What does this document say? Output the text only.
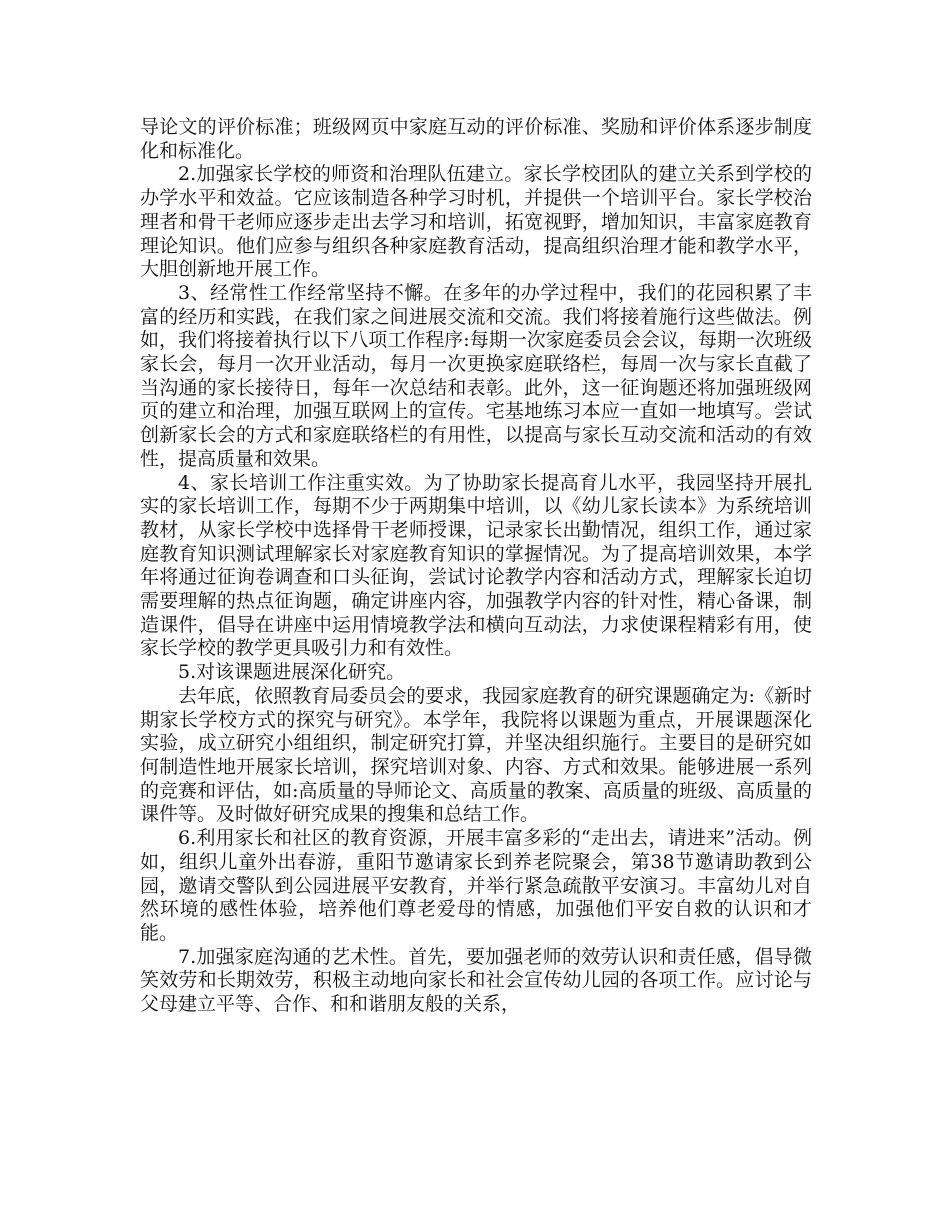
导论文的评价标准；班级网页中家庭互动的评价标准、奖励和评价体系逐步制度化和标准化。

2.加强家长学校的师资和治理队伍建立。家长学校团队的建立关系到学校的办学水平和效益。它应该制造各种学习时机，并提供一个培训平台。家长学校治理者和骨干老师应逐步走出去学习和培训，拓宽视野，增加知识，丰富家庭教育理论知识。他们应参与组织各种家庭教育活动，提高组织治理才能和教学水平，大胆创新地开展工作。

3、经常性工作经常坚持不懈。在多年的办学过程中，我们的花园积累了丰富的经历和实践，在我们家之间进展交流和交流。我们将接着施行这些做法。例如，我们将接着执行以下八项工作程序:每期一次家庭委员会会议，每期一次班级家长会，每月一次开业活动，每月一次更换家庭联络栏，每周一次与家长直截了当沟通的家长接待日，每年一次总结和表彰。此外，这一征询题还将加强班级网页的建立和治理，加强互联网上的宣传。宅基地练习本应一直如一地填写。尝试创新家长会的方式和家庭联络栏的有用性，以提高与家长互动交流和活动的有效性，提高质量和效果。

4、家长培训工作注重实效。为了协助家长提高育儿水平，我园坚持开展扎实的家长培训工作，每期不少于两期集中培训，以《幼儿家长读本》为系统培训教材，从家长学校中选择骨干老师授课，记录家长出勤情况，组织工作，通过家庭教育知识测试理解家长对家庭教育知识的掌握情况。为了提高培训效果，本学年将通过征询卷调查和口头征询，尝试讨论教学内容和活动方式，理解家长迫切需要理解的热点征询题，确定讲座内容，加强教学内容的针对性，精心备课，制造课件，倡导在讲座中运用情境教学法和横向互动法，力求使课程精彩有用，使家长学校的教学更具吸引力和有效性。

5.对该课题进展深化研究。

去年底，依照教育局委员会的要求，我园家庭教育的研究课题确定为:《新时期家长学校方式的探究与研究》。本学年，我院将以课题为重点，开展课题深化实验，成立研究小组组织，制定研究打算，并坚决组织施行。主要目的是研究如何制造性地开展家长培训，探究培训对象、内容、方式和效果。能够进展一系列的竞赛和评估，如:高质量的导师论文、高质量的教案、高质量的班级、高质量的课件等。及时做好研究成果的搜集和总结工作。

6.利用家长和社区的教育资源，开展丰富多彩的“走出去，请进来”活动。例如，组织儿童外出春游，重阳节邀请家长到养老院聚会，第38节邀请助教到公园，邀请交警队到公园进展平安教育，并举行紧急疏散平安演习。丰富幼儿对自然环境的感性体验，培养他们尊老爱母的情感，加强他们平安自救的认识和才能。

7.加强家庭沟通的艺术性。首先，要加强老师的效劳认识和责任感，倡导微笑效劳和长期效劳，积极主动地向家长和社会宣传幼儿园的各项工作。应讨论与父母建立平等、合作、和和谐朋友般的关系，
